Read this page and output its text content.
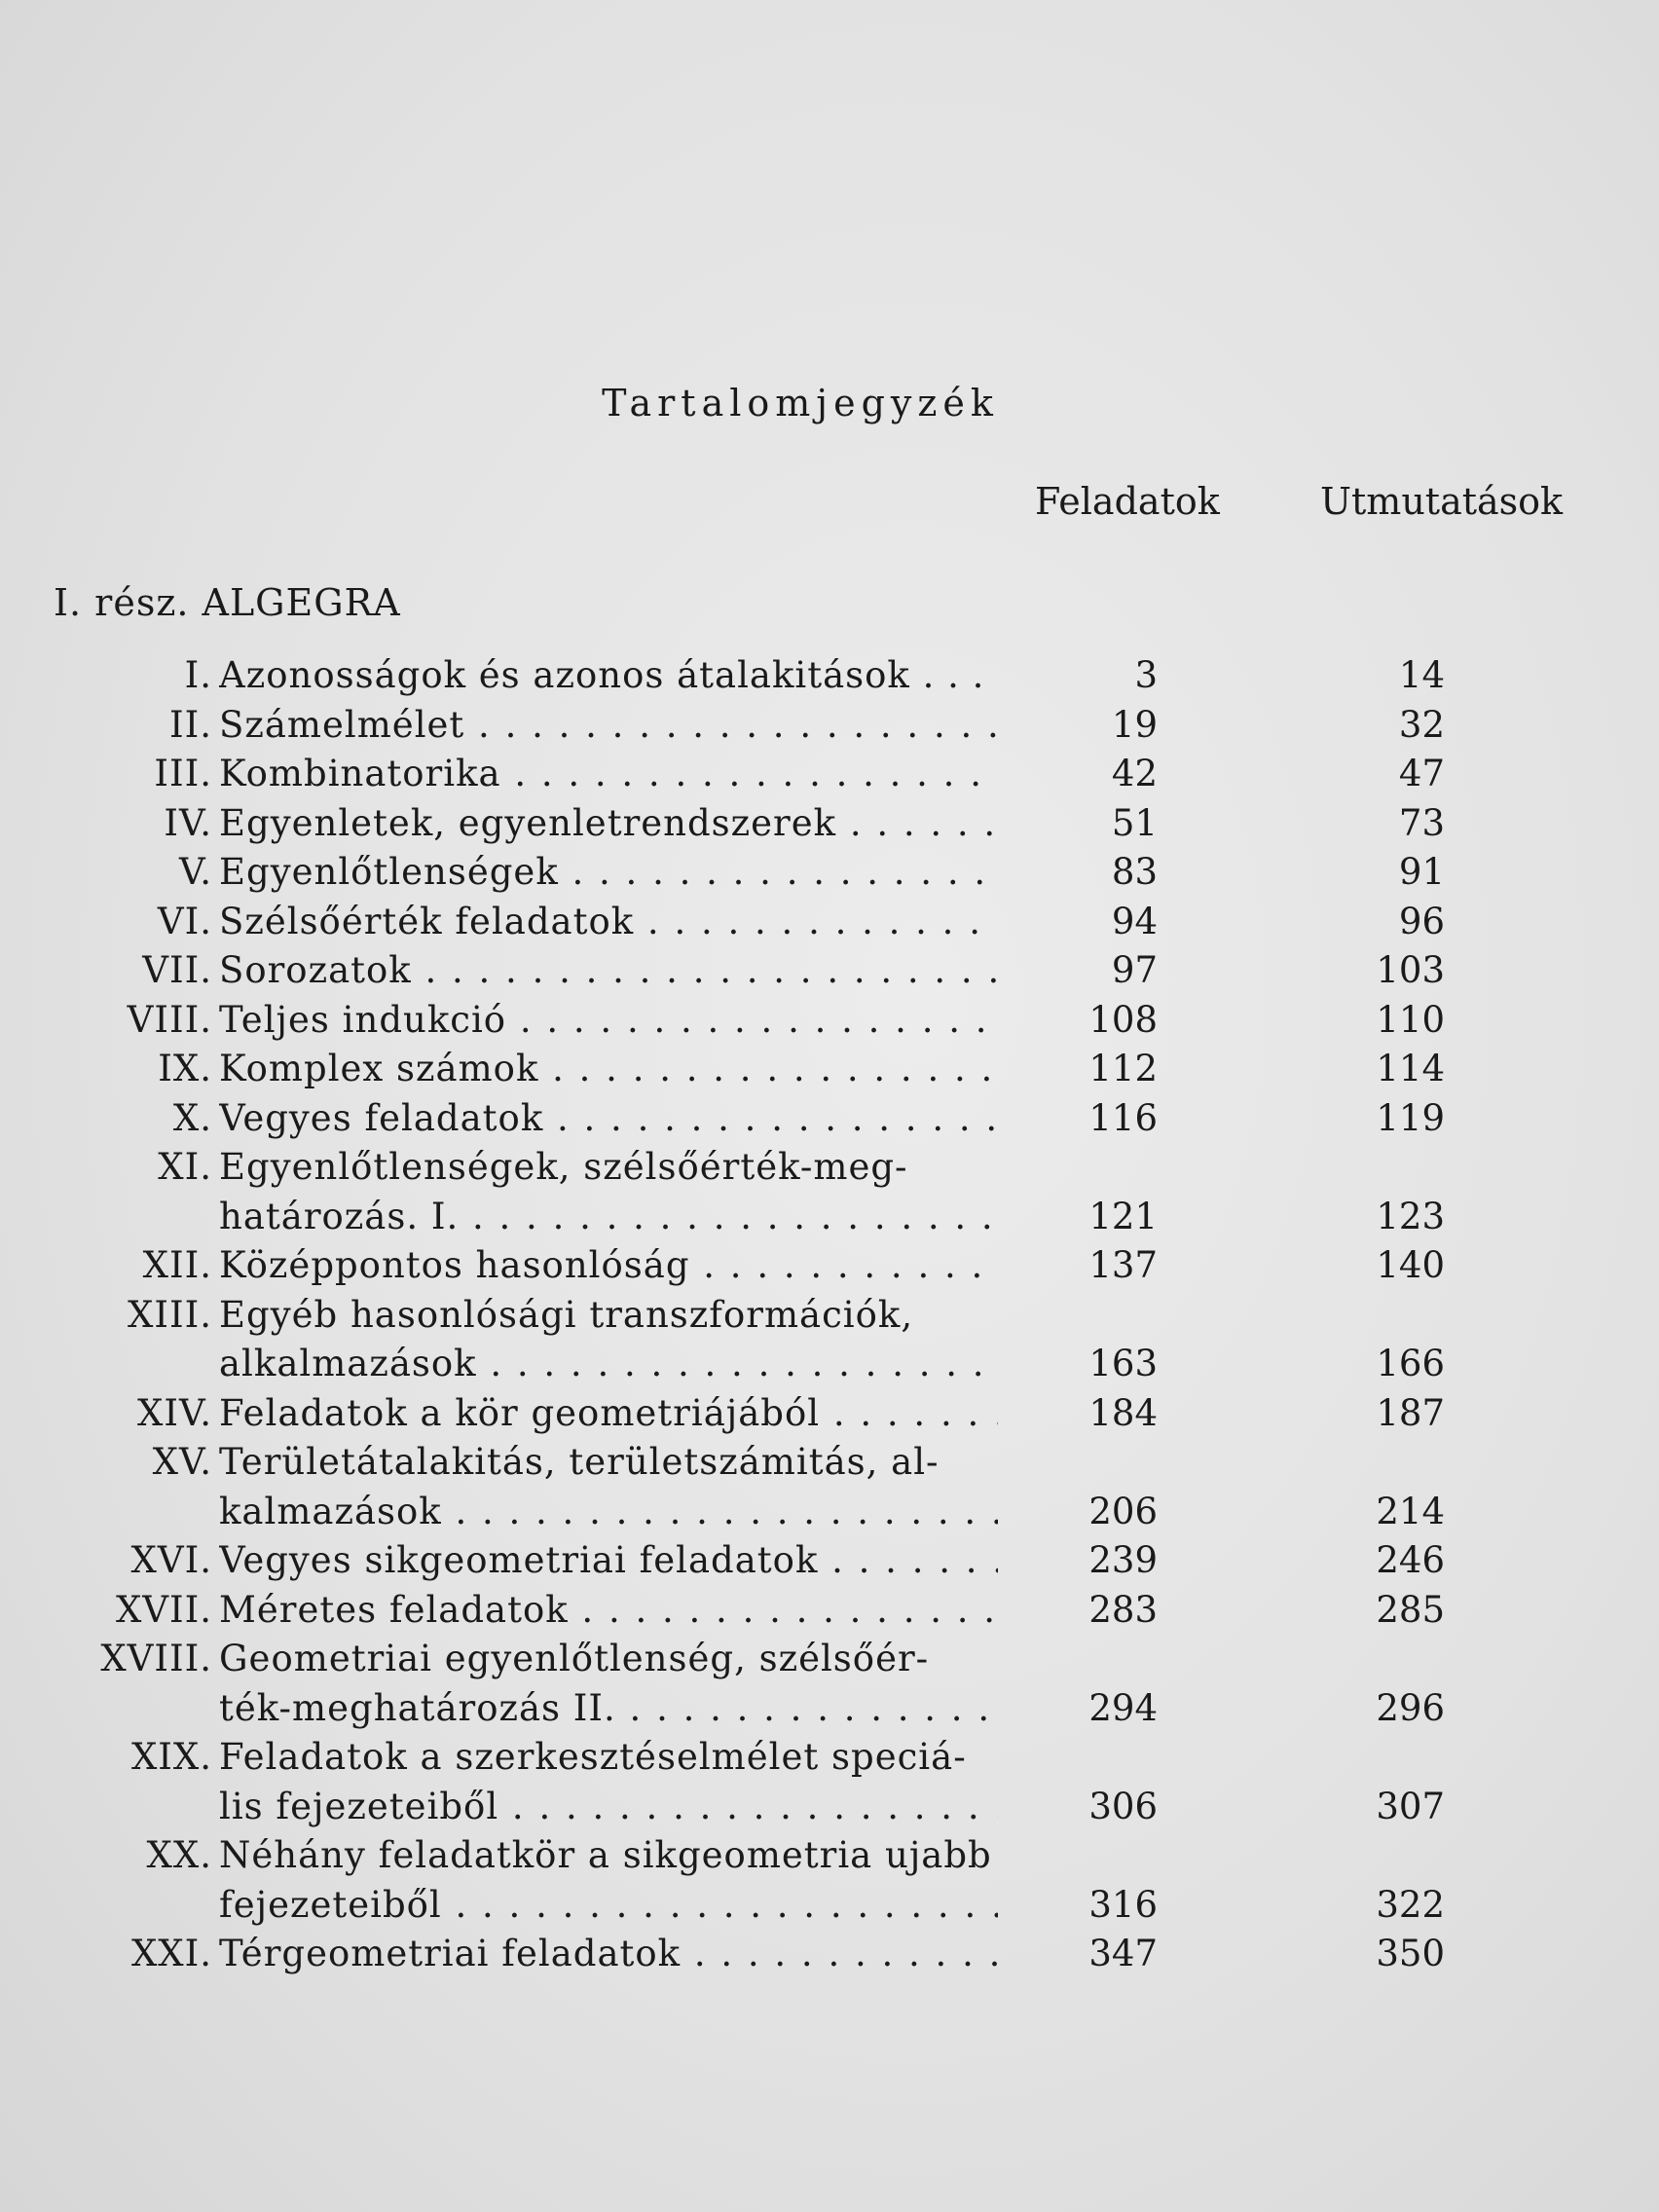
Tartalomjegyzék
Feladatok	Utmutatások
I. rész. ALGEGRA
I. Azonosságok és azonos átalakitások . . .	3	14
II. Számelmélet . . .	19	32
III. Kombinatorika . . .	42	47
IV. Egyenletek, egyenletrendszerek . . .	51	73
V. Egyenlőtlenségek . . .	83	91
VI. Szélsőérték feladatok . . .	94	96
VII. Sorozatok . . .	97	103
VIII. Teljes indukció . . .	108	110
IX. Komplex számok . . .	112	114
X. Vegyes feladatok . . .	116	119
XI. Egyenlőtlenségek, szélsőérték-meg-
határozás. I. . . .	121	123
XII. Középpontos hasonlóság . . .	137	140
XIII. Egyéb hasonlósági transzformációk,
alkalmazások . . .	163	166
XIV. Feladatok a kör geometriájából . . .	184	187
XV. Területátalakitás, területszámitás, al-
kalmazások . . .	206	214
XVI. Vegyes sikgeometriai feladatok . . .	239	246
XVII. Méretes feladatok . . .	283	285
XVIII. Geometriai egyenlőtlenség, szélsőér-
ték-meghatározás II. . . .	294	296
XIX. Feladatok a szerkesztéselmélet speciá-
lis fejezeteiből . . .	306	307
XX. Néhány feladatkör a sikgeometria ujabb
fejezeteiből . . .	316	322
XXI. Térgeometriai feladatok . . .	347	350
